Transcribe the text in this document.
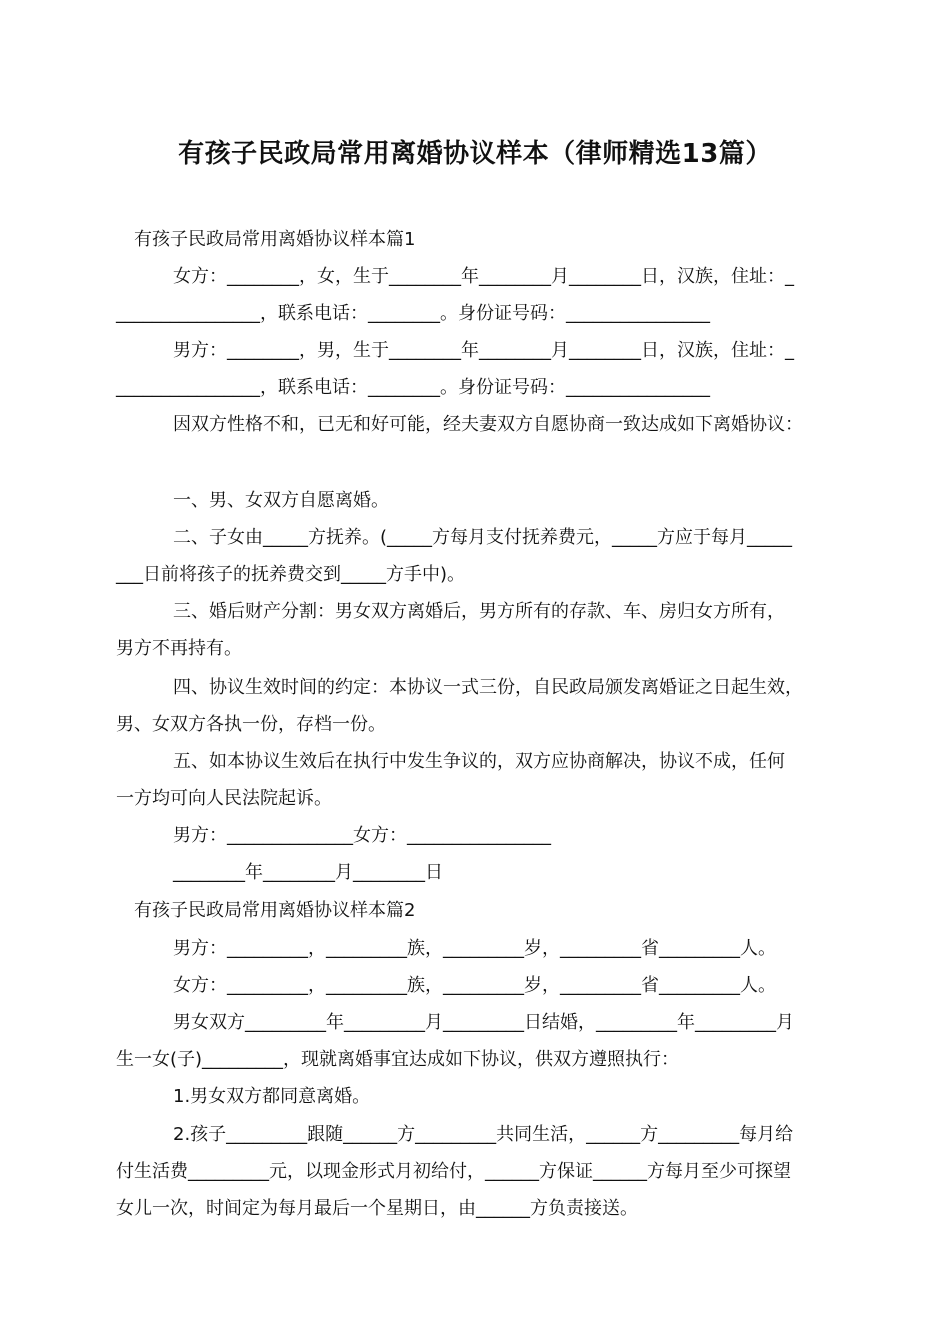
有孩子民政局常用离婚协议样本（律师精选13篇）
有孩子民政局常用离婚协议样本篇1
女方：________，女，生于________年________月________日，汉族，住址：_
________________，联系电话：________。身份证号码：________________
男方：________，男，生于________年________月________日，汉族，住址：_
________________，联系电话：________。身份证号码：________________
因双方性格不和，已无和好可能，经夫妻双方自愿协商一致达成如下离婚协议：
一、男、女双方自愿离婚。
二、子女由_____方抚养。(_____方每月支付抚养费元，_____方应于每月_____
___日前将孩子的抚养费交到_____方手中)。
三、婚后财产分割：男女双方离婚后，男方所有的存款、车、房归女方所有，
男方不再持有。
四、协议生效时间的约定：本协议一式三份，自民政局颁发离婚证之日起生效，
男、女双方各执一份，存档一份。
五、如本协议生效后在执行中发生争议的，双方应协商解决，协议不成，任何
一方均可向人民法院起诉。
男方：______________女方：________________
________年________月________日
有孩子民政局常用离婚协议样本篇2
男方：_________，_________族，_________岁，_________省_________人。
女方：_________，_________族，_________岁，_________省_________人。
男女双方_________年_________月_________日结婚，_________年_________月
生一女(子)_________，现就离婚事宜达成如下协议，供双方遵照执行：
1.男女双方都同意离婚。
2.孩子_________跟随______方_________共同生活，______方_________每月给
付生活费_________元，以现金形式月初给付，______方保证______方每月至少可探望
女儿一次，时间定为每月最后一个星期日，由______方负责接送。
